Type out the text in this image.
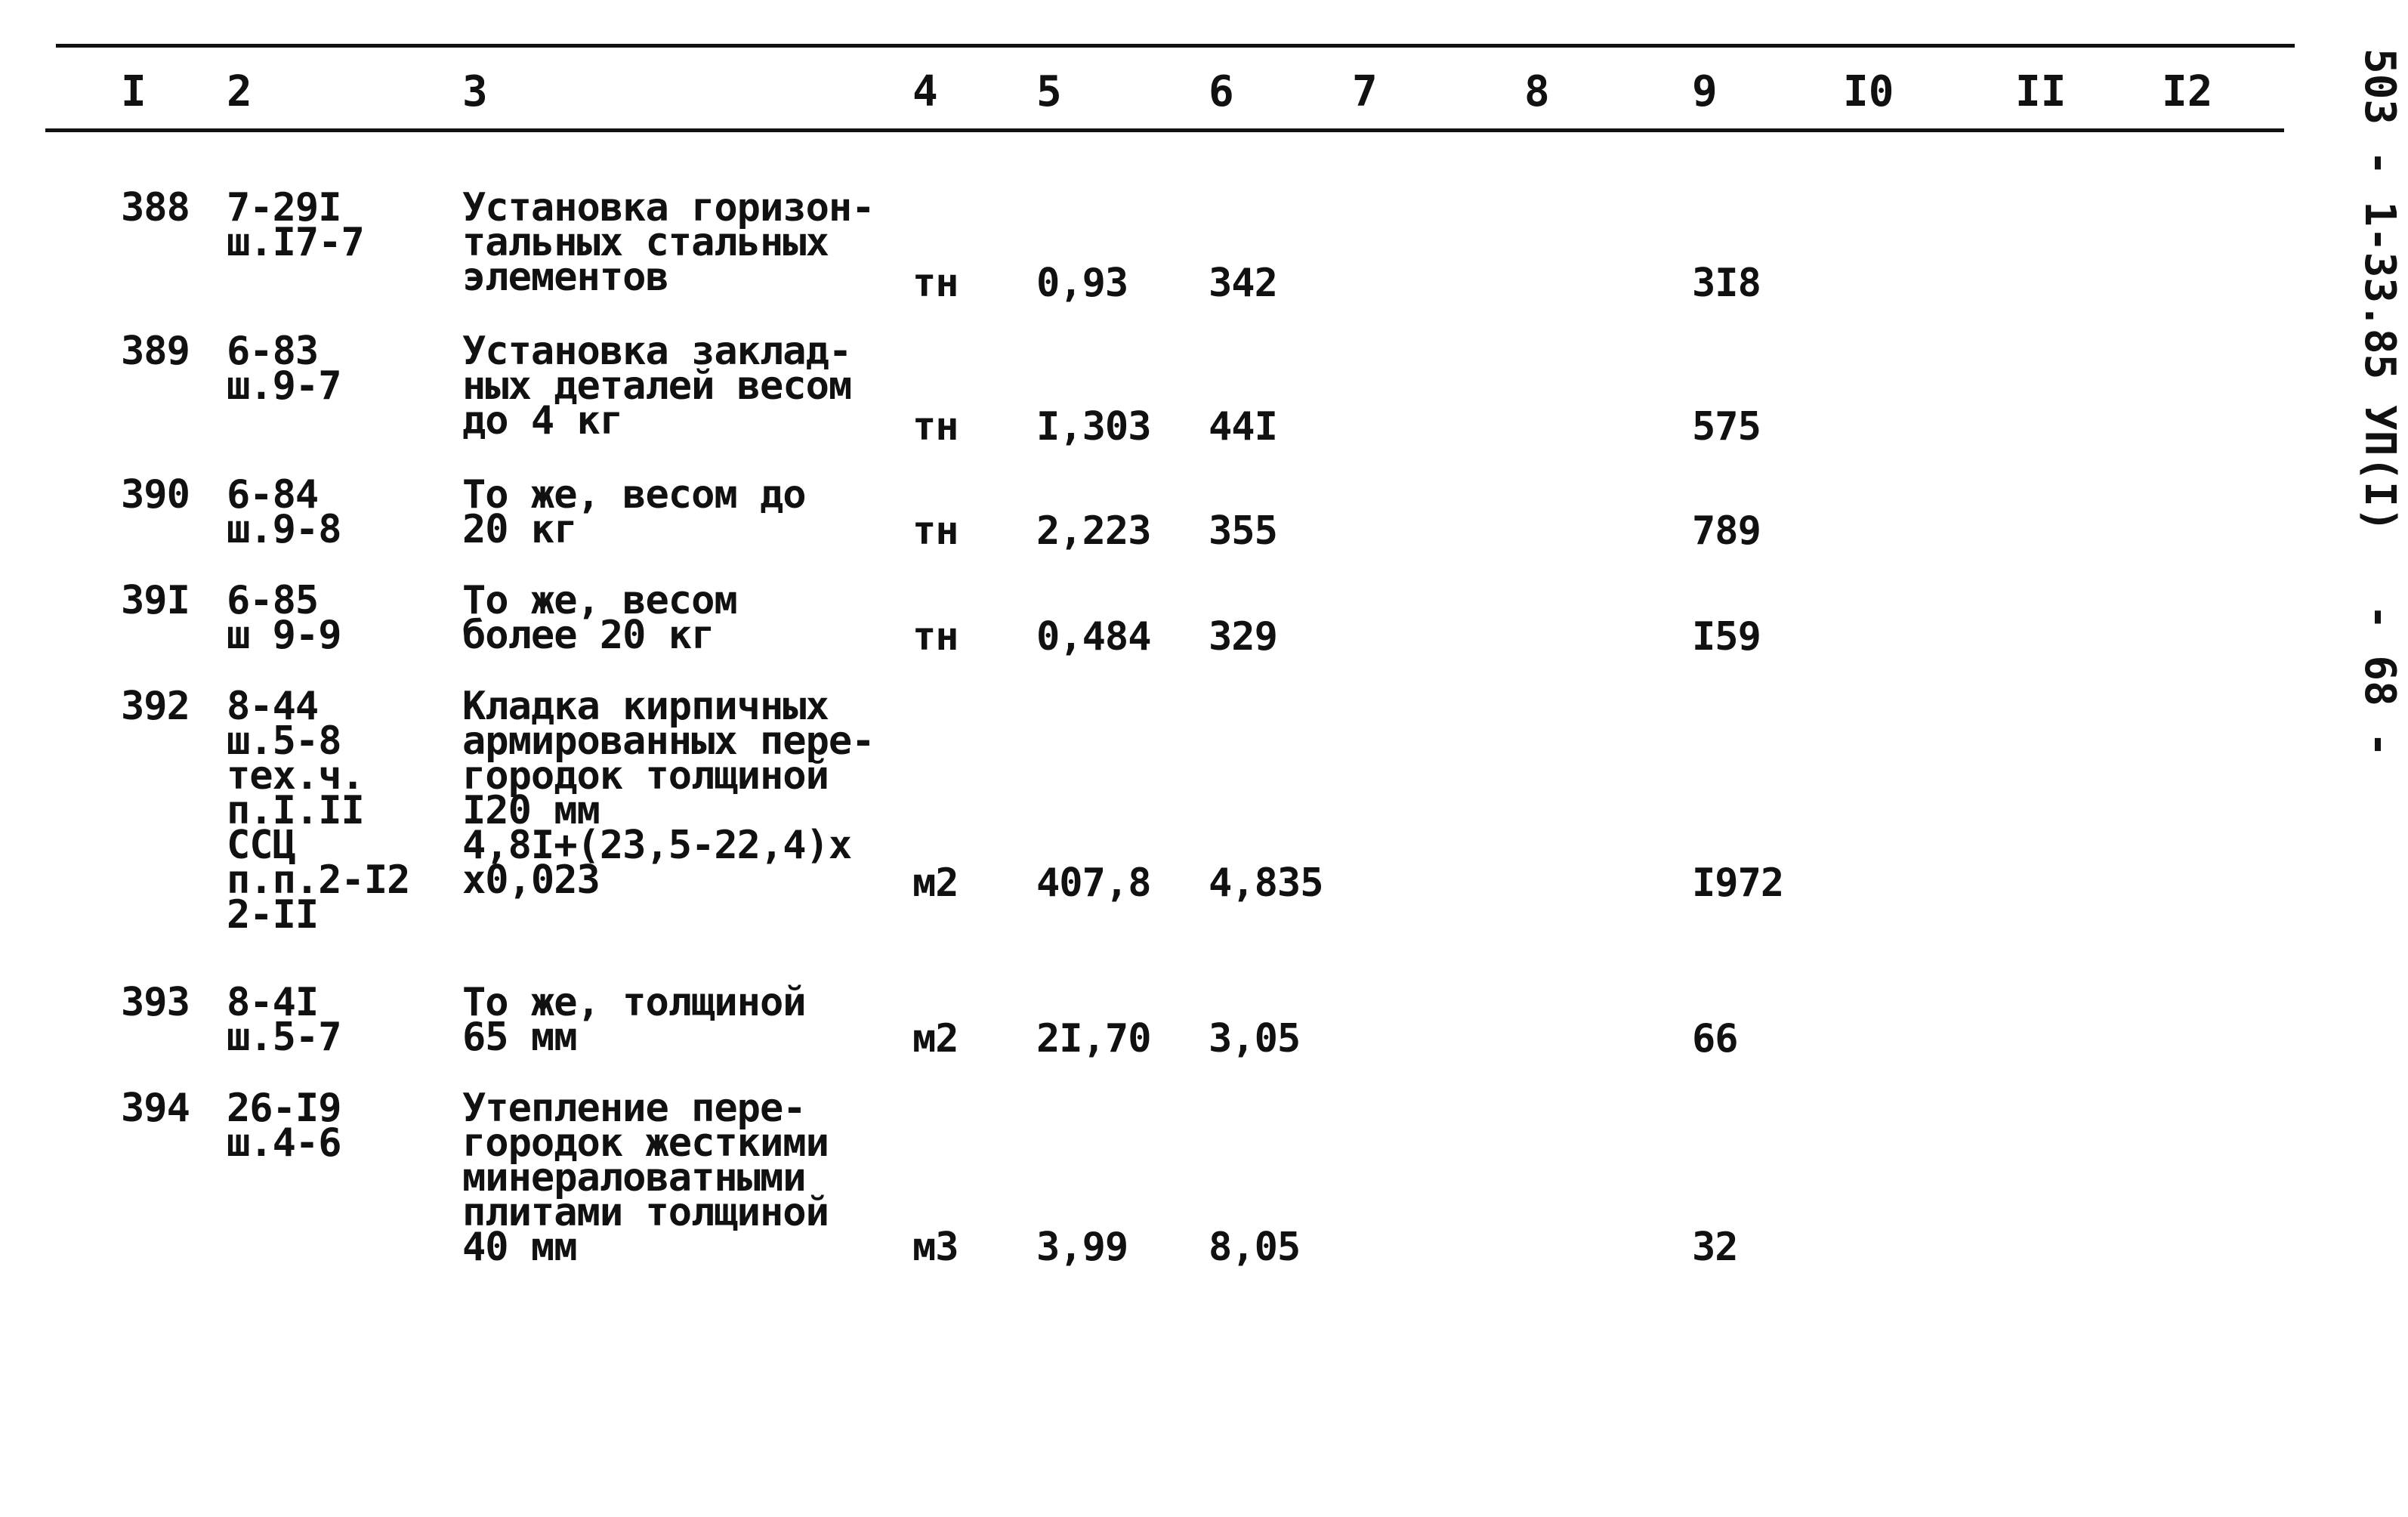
I 2	3	4 5	6	7	8	9	I0	II I2
388 7-29I
ш.I7-7
Установка горизон-
тальных стальных
элементов	тн 0,93 342	3I8
389 6-83
ш.9-7
Установка заклад-
ных деталей весом
до 4 кг	тн I,303 44I	575
390 6-84
ш.9-8
То же, весом до
20 кг	тн 2,223 355	789
39I 6-85
ш 9-9
То же, весом
более 20 кг	тн 0,484 329	I59
392 8-44
ш.5-8
тех.ч.
п.I.II
ССЦ
п.п.2-I2
2-II
Кладка кирпичных
армированных пере-
городок толщиной
I20 мм
4,8I+(23,5-22,4)х
х0,023	м2 407,8 4,835	I972
393 8-4I
ш.5-7
То же, толщиной
65 мм	м2 2I,70 3,05	66
394 26-I9
ш.4-6
Утепление пере-
городок жесткими
минераловатными
плитами толщиной
40 мм	м3 3,99 8,05	32
503 - 1-33.85 УП(I)
- 68 -
